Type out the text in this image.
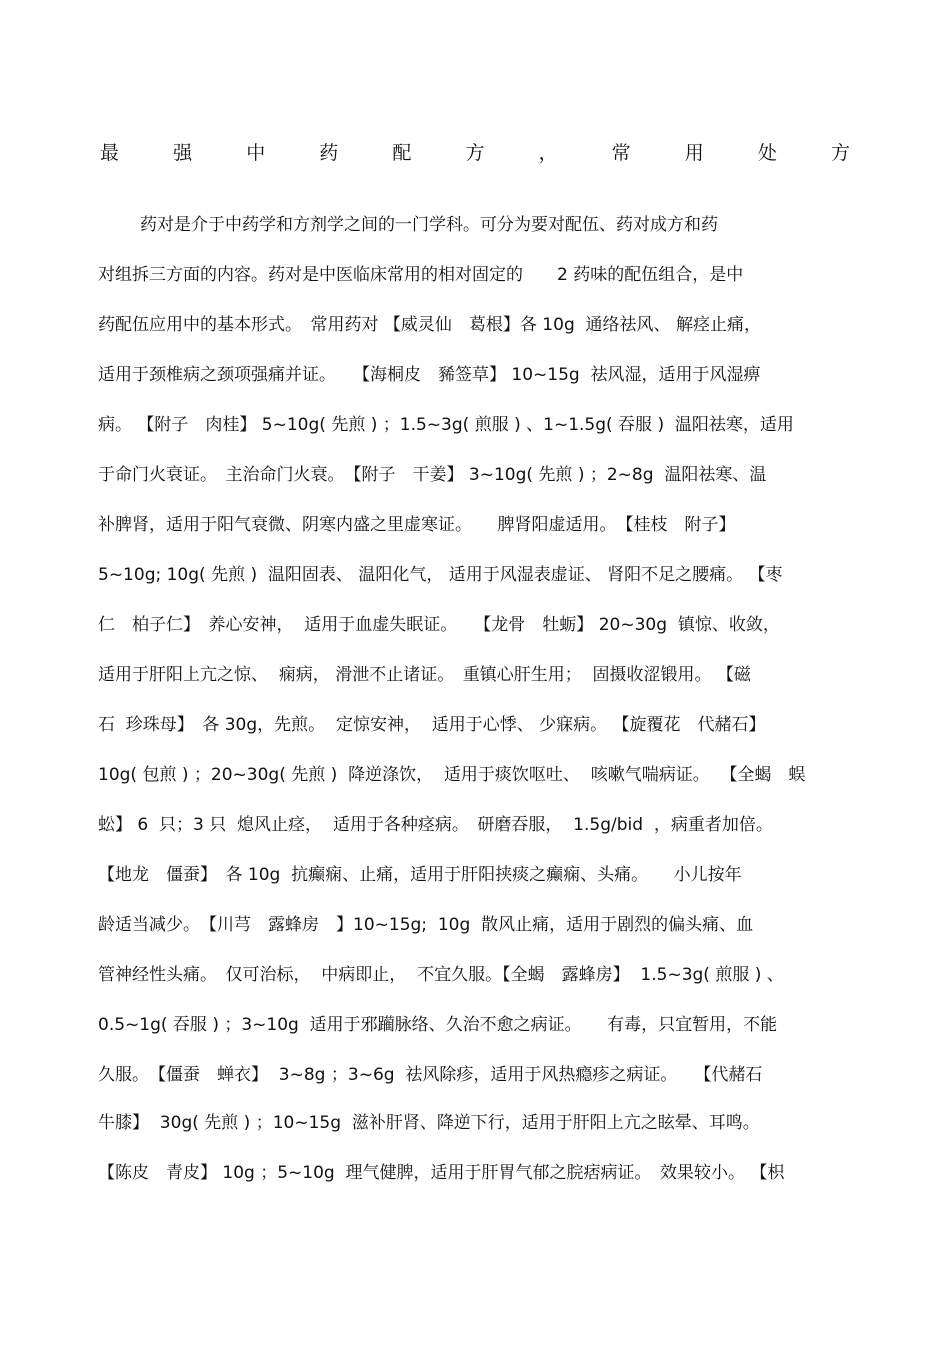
最	强	中	药	配	方	，	常	用	处	方
药对是介于中药学和方剂学之间的一门学科。可分为要对配伍、药对成方和药
对组拆三方面的内容。药对是中医临床常用的相对固定的　　2 药味的配伍组合，是中
药配伍应用中的基本形式。　常用药对 【威灵仙　葛根】各 10g  通络祛风、 解痉止痛，
适用于颈椎病之颈项强痛并证。　　【海桐皮　豨签草】 10~15g  祛风湿，适用于风湿痹
病。 【附子　肉桂】 5~10g( 先煎 ) ；1.5~3g( 煎服 ) 、1~1.5g( 吞服 )  温阳祛寒，适用
于命门火衰证。　主治命门火衰。　【附子　干姜】 3~10g( 先煎 ) ；2~8g  温阳祛寒、温
补脾肾，适用于阳气衰微、阴寒内盛之里虚寒证。　　脾肾阳虚适用。　【桂枝　附子】
5~10g; 10g( 先煎 )  温阳固表、 温阳化气， 适用于风湿表虚证、 肾阳不足之腰痛。 【枣
仁　柏子仁】　养心安神，  适用于血虚失眠证。　　【龙骨　牡蛎】 20~30g  镇惊、收敛，
适用于肝阳上亢之惊、  痫病， 滑泄不止诸证。　重镇心肝生用；  固摄收涩锻用。 【磁
石  珍珠母】　各 30g，先煎。  定惊安神，  适用于心悸、 少寐病。 【旋覆花　代赭石】
10g( 包煎 ) ；20~30g( 先煎 )  降逆涤饮，  适用于痰饮呕吐、  咳嗽气喘病证。  【全蝎　蜈
蚣】 6  只；3 只  熄风止痉，  适用于各种痉病。　研磨吞服，  1.5g/bid  ，病重者加倍。
【地龙　僵蚕】　各 10g  抗癫痫、止痛，适用于肝阳挟痰之癫痫、头痛。　　小儿按年
龄适当减少。　【川芎　露蜂房　】10~15g;  10g  散风止痛，适用于剧烈的偏头痛、血
管神经性头痛。　仅可治标，  中病即止，  不宜久服。【全蝎　露蜂房】  1.5~3g( 煎服 ) 、
0.5~1g( 吞服 ) ；3~10g  适用于邪躏脉络、久治不愈之病证。　　有毒，只宜暂用，不能
久服。　【僵蚕　蝉衣】  3~8g ；3~6g  祛风除疹，适用于风热瘾疹之病证。　　【代赭石
牛膝】  30g( 先煎 ) ；10~15g  滋补肝肾、降逆下行，适用于肝阳上亢之眩晕、耳鸣。
【陈皮　青皮】 10g ；5~10g  理气健脾，适用于肝胃气郁之脘痞病证。　效果较小。 【枳
